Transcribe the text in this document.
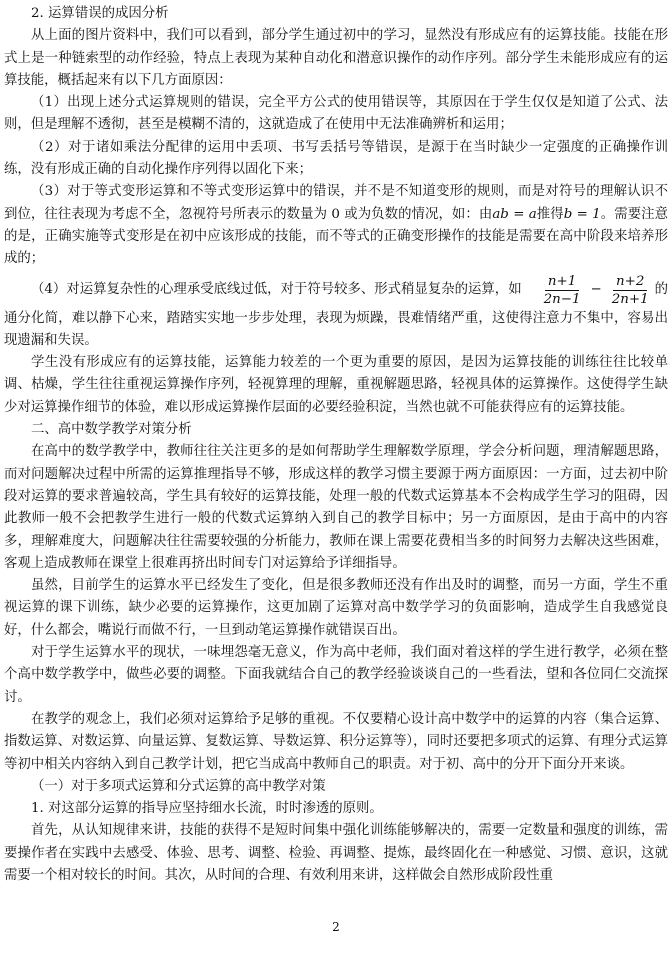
2. 运算错误的成因分析

从上面的图片资料中，我们可以看到，部分学生通过初中的学习，显然没有形成应有的运算技能。技能在形式上是一种链索型的动作经验，特点上表现为某种自动化和潜意识操作的动作序列。部分学生未能形成应有的运算技能，概括起来有以下几方面原因：

（1）出现上述分式运算规则的错误，完全平方公式的使用错误等，其原因在于学生仅仅是知道了公式、法则，但是理解不透彻，甚至是模糊不清的，这就造成了在使用中无法准确辨析和运用；

（2）对于诸如乘法分配律的运用中丢项、书写丢括号等错误，是源于在当时缺少一定强度的正确操作训练，没有形成正确的自动化操作序列得以固化下来；

（3）对于等式变形运算和不等式变形运算中的错误，并不是不知道变形的规则，而是对符号的理解认识不到位，往往表现为考虑不全，忽视符号所表示的数量为 0 或为负数的情况，如：由ab = a推得b = 1。需要注意的是，正确实施等式变形是在初中应该形成的技能，而不等式的正确变形操作的技能是需要在高中阶段来培养形成的；

（4）对运算复杂性的心理承受底线过低，对于符号较多、形式稍显复杂的运算，如 $\frac{n+1}{2n-1} - \frac{n+2}{2n+1}$ 的

通分化简，难以静下心来，踏踏实实地一步步处理，表现为烦躁，畏难情绪严重，这使得注意力不集中，容易出现遗漏和失误。

学生没有形成应有的运算技能，运算能力较差的一个更为重要的原因，是因为运算技能的训练往往比较单调、枯燥，学生往往重视运算操作序列，轻视算理的理解，重视解题思路，轻视具体的运算操作。这使得学生缺少对运算操作细节的体验，难以形成运算操作层面的必要经验积淀，当然也就不可能获得应有的运算技能。

二、高中数学教学对策分析

在高中的数学教学中，教师往往关注更多的是如何帮助学生理解数学原理，学会分析问题，理清解题思路，而对问题解决过程中所需的运算推理指导不够，形成这样的教学习惯主要源于两方面原因：一方面，过去初中阶段对运算的要求普遍较高，学生具有较好的运算技能，处理一般的代数式运算基本不会构成学生学习的阻碍，因此教师一般不会把教学生进行一般的代数式运算纳入到自己的教学目标中；另一方面原因，是由于高中的内容多，理解难度大，问题解决往往需要较强的分析能力，教师在课上需要花费相当多的时间努力去解决这些困难，客观上造成教师在课堂上很难再挤出时间专门对运算给予详细指导。

虽然，目前学生的运算水平已经发生了变化，但是很多教师还没有作出及时的调整，而另一方面，学生不重视运算的课下训练，缺少必要的运算操作，这更加剧了运算对高中数学学习的负面影响，造成学生自我感觉良好，什么都会，嘴说行而做不行，一旦到动笔运算操作就错误百出。

对于学生运算水平的现状，一味埋怨毫无意义，作为高中老师，我们面对着这样的学生进行教学，必须在整个高中数学教学中，做些必要的调整。下面我就结合自己的教学经验谈谈自己的一些看法，望和各位同仁交流探讨。

在教学的观念上，我们必须对运算给予足够的重视。不仅要精心设计高中数学中的运算的内容（集合运算、指数运算、对数运算、向量运算、复数运算、导数运算、积分运算等），同时还要把多项式的运算、有理分式运算等初中相关内容纳入到自己教学计划，把它当成高中教师自己的职责。对于初、高中的分开下面分开来谈。

（一）对于多项式运算和分式运算的高中教学对策

1. 对这部分运算的指导应坚持细水长流，时时渗透的原则。

首先，从认知规律来讲，技能的获得不是短时间集中强化训练能够解决的，需要一定数量和强度的训练，需要操作者在实践中去感受、体验、思考、调整、检验、再调整、提炼，最终固化在一种感觉、习惯、意识，这就需要一个相对较长的时间。其次，从时间的合理、有效利用来讲，这样做会自然形成阶段性重

2
